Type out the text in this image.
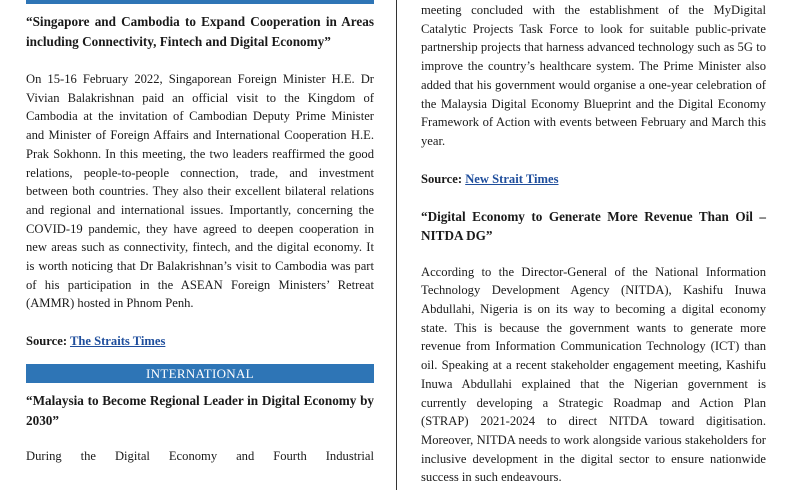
“Singapore and Cambodia to Expand Cooperation in Areas including Connectivity, Fintech and Digital Economy”

On 15-16 February 2022, Singaporean Foreign Minister H.E. Dr Vivian Balakrishnan paid an official visit to the Kingdom of Cambodia at the invitation of Cambodian Deputy Prime Minister and Minister of Foreign Affairs and International Cooperation H.E. Prak Sokhonn. In this meeting, the two leaders reaffirmed the good relations, people-to-people connection, trade, and investment between both countries. They also their excellent bilateral relations and regional and international issues. Importantly, concerning the COVID-19 pandemic, they have agreed to deepen cooperation in new areas such as connectivity, fintech, and the digital economy. It is worth noticing that Dr Balakrishnan’s visit to Cambodia was part of his participation in the ASEAN Foreign Ministers’ Retreat (AMMR) hosted in Phnom Penh.

Source: The Straits Times

INTERNATIONAL

“Malaysia to Become Regional Leader in Digital Economy by 2030”

During the Digital Economy and Fourth Industrial

meeting concluded with the establishment of the MyDigital Catalytic Projects Task Force to look for suitable public-private partnership projects that harness advanced technology such as 5G to improve the country’s healthcare system. The Prime Minister also added that his government would organise a one-year celebration of the Malaysia Digital Economy Blueprint and the Digital Economy Framework of Action with events between February and March this year.

Source: New Strait Times

“Digital Economy to Generate More Revenue Than Oil – NITDA DG”

According to the Director-General of the National Information Technology Development Agency (NITDA), Kashifu Inuwa Abdullahi, Nigeria is on its way to becoming a digital economy state. This is because the government wants to generate more revenue from Information Communication Technology (ICT) than oil. Speaking at a recent stakeholder engagement meeting, Kashifu Inuwa Abdullahi explained that the Nigerian government is currently developing a Strategic Roadmap and Action Plan (STRAP) 2021-2024 to direct NITDA toward digitisation. Moreover, NITDA needs to work alongside various stakeholders for inclusive development in the digital sector to ensure nationwide success in such endeavours.
